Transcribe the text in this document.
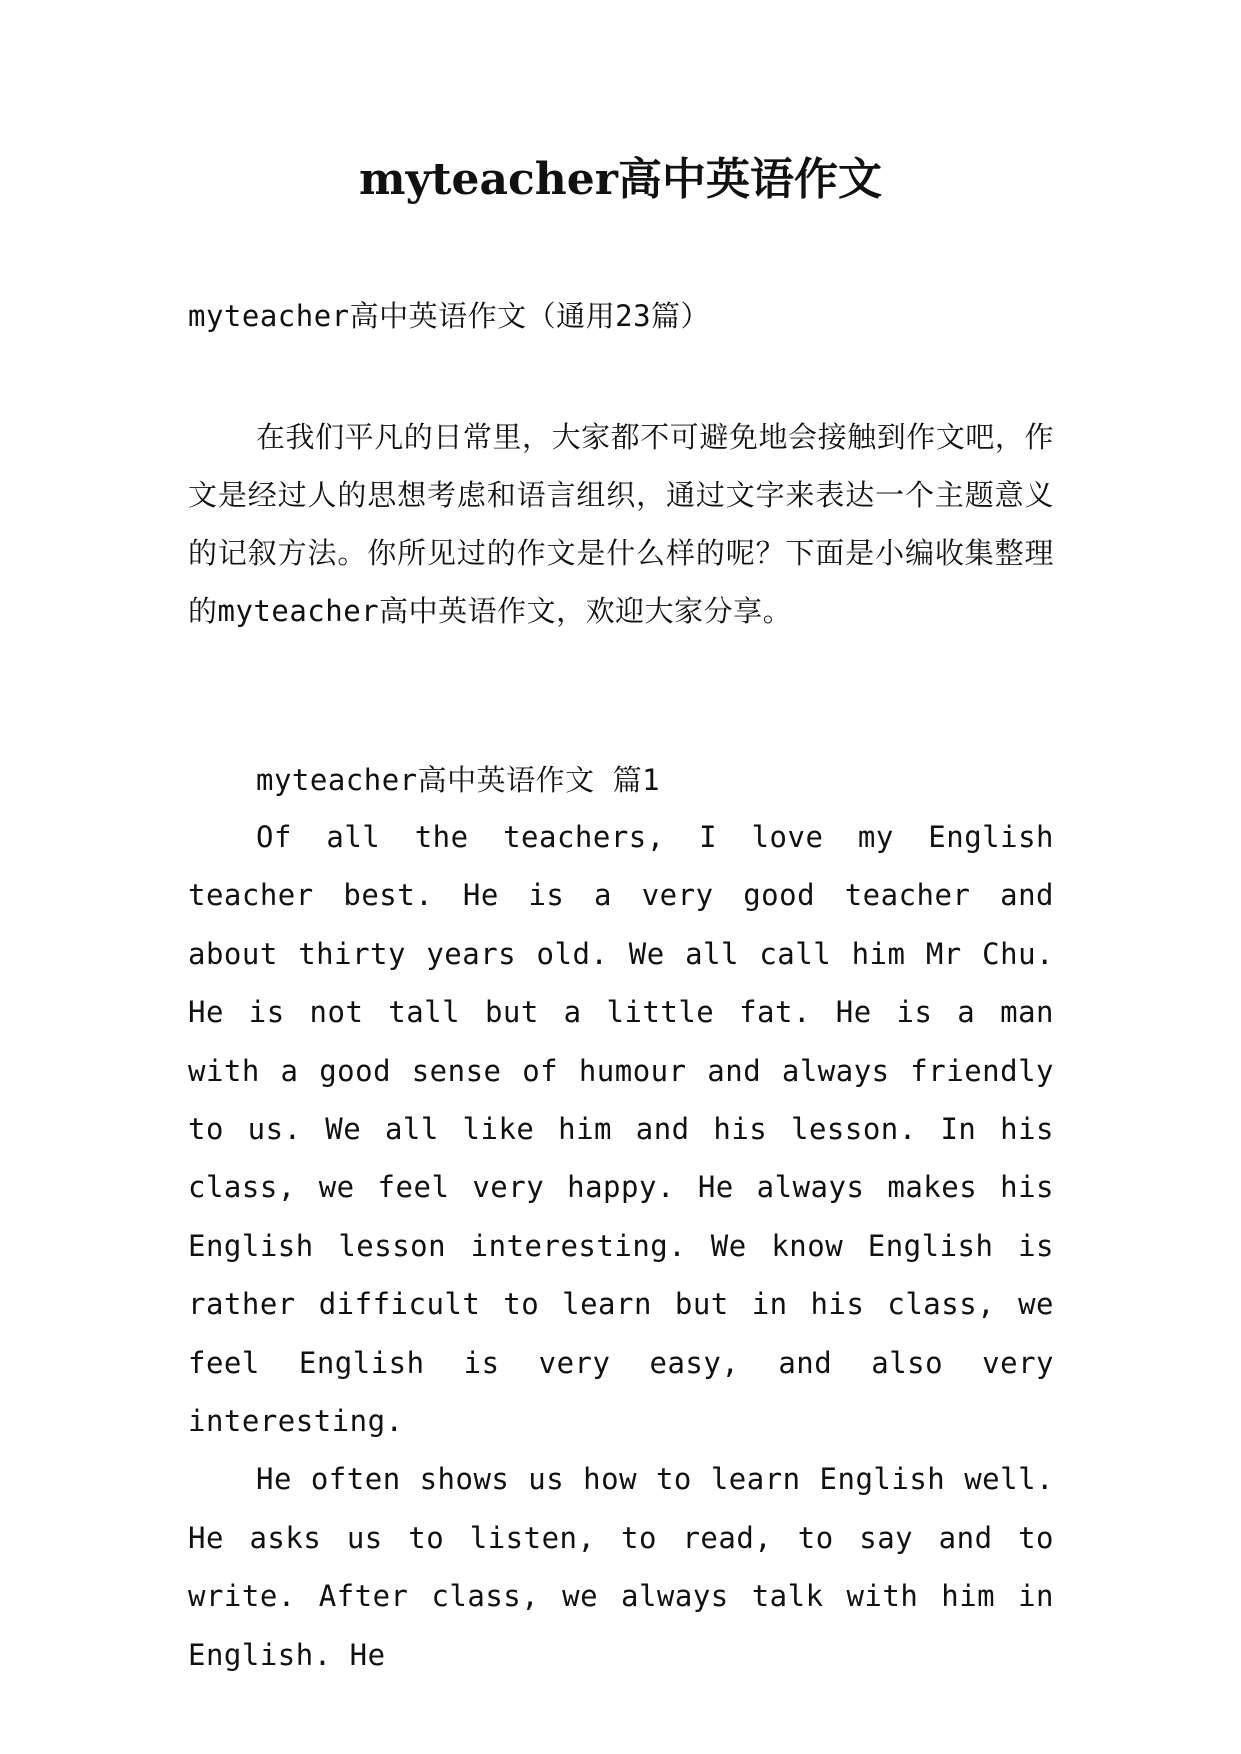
myteacher高中英语作文

myteacher高中英语作文（通用23篇）

在我们平凡的日常里，大家都不可避免地会接触到作文吧，作文是经过人的思想考虑和语言组织，通过文字来表达一个主题意义的记叙方法。你所见过的作文是什么样的呢？下面是小编收集整理的myteacher高中英语作文，欢迎大家分享。

myteacher高中英语作文 篇1

Of all the teachers, I love my English teacher best. He is a very good teacher and about thirty years old. We all call him Mr Chu. He is not tall but a little fat. He is a man with a good sense of humour and always friendly to us. We all like him and his lesson. In his class, we feel very happy. He always makes his English lesson interesting. We know English is rather difficult to learn but in his class, we feel English is very easy, and also very interesting.

He often shows us how to learn English well. He asks us to listen, to read, to say and to write. After class, we always talk with him in English. He
